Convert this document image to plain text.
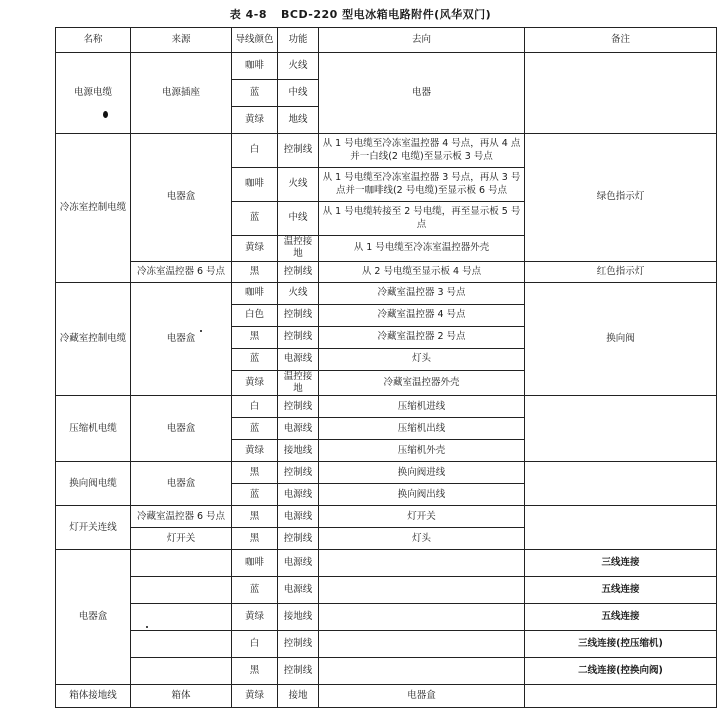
表 4-8 BCD-220 型电冰箱电路附件(风华双门)
名称	来源	导线颜色	功能	去向	备注
电源电缆	电源插座	咖啡	火线	电器	
		蓝	中线		
		黄绿	地线		
冷冻室控制电缆	电器盒	白	控制线	从 1 号电缆至冷冻室温控器 4 号点，再从 4 点并一白线(2 电缆)至显示板 3 号点	绿色指示灯
		咖啡	火线	从 1 号电缆至冷冻室温控器 3 号点，再从 3 号点并一咖啡线(2 号电缆)至显示板 6 号点	
		蓝	中线	从 1 号电缆转接至 2 号电缆，再至显示板 5 号点	
		黄绿	温控接地	从 1 号电缆至冷冻室温控器外壳	
	冷冻室温控器 6 号点	黑	控制线	从 2 号电缆至显示板 4 号点	红色指示灯
冷藏室控制电缆	电器盒	咖啡	火线	冷藏室温控器 3 号点	换向阀
		白色	控制线	冷藏室温控器 4 号点	
		黑	控制线	冷藏室温控器 2 号点	
		蓝	电源线	灯头	
		黄绿	温控接地	冷藏室温控器外壳	
压缩机电缆	电器盒	白	控制线	压缩机进线	
		蓝	电源线	压缩机出线	
		黄绿	接地线	压缩机外壳	
换向阀电缆	电器盒	黑	控制线	换向阀进线	
		蓝	电源线	换向阀出线	
灯开关连线	冷藏室温控器 6 号点	黑	电源线	灯开关	
	灯开关	黑	控制线	灯头	
电器盒		咖啡	电源线		三线连接
		蓝	电源线		五线连接
		黄绿	接地线		五线连接
		白	控制线		三线连接(控压缩机)
		黑	控制线		二线连接(控换向阀)
箱体接地线	箱体	黄绿	接地	电器盒	
